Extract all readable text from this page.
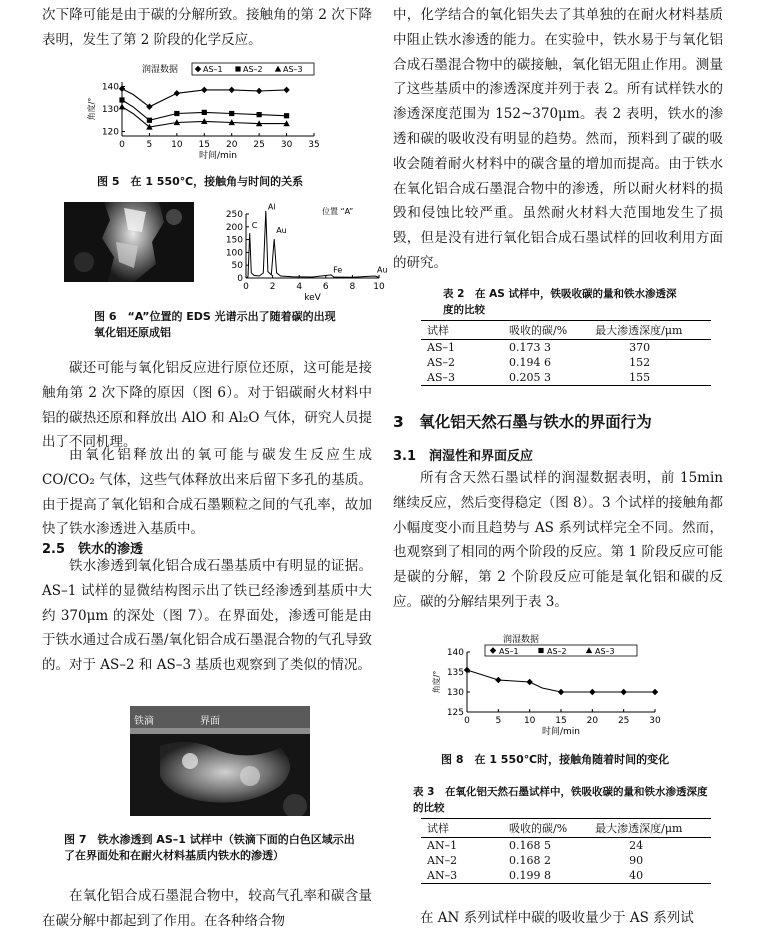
次下降可能是由于碳的分解所致。接触角的第 2 次下降表明，发生了第 2 阶段的化学反应。

0 5 10 15 20 25 30 35
120
130
140
时间/min
角度/°
润湿数据	AS–1	AS–2	AS–3
图 5　在 1 550℃，接触角与时间的关系
0 2 4 6 8 10
0
50
100
150
200
250
keV
Al
C
Au
Fe	Au
位置 “A”
图 6　“A”位置的 EDS 光谱示出了随着碳的出现氧化铝还原成铝

碳还可能与氧化铝反应进行原位还原，这可能是接触角第 2 次下降的原因（图 6）。对于铝碳耐火材料中铝的碳热还原和释放出 AlO 和 Al₂O 气体，研究人员提出了不同机理。

由氧化铝释放出的氧可能与碳发生反应生成 CO/CO₂ 气体，这些气体释放出来后留下多孔的基质。由于提高了氧化铝和合成石墨颗粒之间的气孔率，故加快了铁水渗透进入基质中。

2.5　铁水的渗透

铁水渗透到氧化铝合成石墨基质中有明显的证据。AS–1 试样的显微结构图示出了铁已经渗透到基质中大约 370μm 的深处（图 7）。在界面处，渗透可能是由于铁水通过合成石墨/氧化铝合成石墨混合物的气孔导致的。对于 AS–2 和 AS–3 基质也观察到了类似的情况。

铁滴	界面
图 7　铁水渗透到 AS–1 试样中（铁滴下面的白色区域示出了在界面处和在耐火材料基质内铁水的渗透）

在氧化铝合成石墨混合物中，较高气孔率和碳含量在碳分解中都起到了作用。在各种络合物

中，化学结合的氧化铝失去了其单独的在耐火材料基质中阻止铁水渗透的能力。在实验中，铁水易于与氧化铝合成石墨混合物中的碳接触，氧化铝无阻止作用。测量了这些基质中的渗透深度并列于表 2。所有试样铁水的渗透深度范围为 152~370μm。表 2 表明，铁水的渗透和碳的吸收没有明显的趋势。然而，预料到了碳的吸收会随着耐火材料中的碳含量的增加而提高。由于铁水在氧化铝合成石墨混合物中的渗透，所以耐火材料的损毁和侵蚀比较严重。虽然耐火材料大范围地发生了损毁，但是没有进行氧化铝合成石墨试样的回收利用方面的研究。

表 2　在 AS 试样中，铁吸收碳的量和铁水渗透深度的比较
试样	吸收的碳/%	最大渗透深度/μm
AS–1	0.173 3	370
AS–2	0.194 6	152
AS–3	0.205 3	155
3　氧化铝天然石墨与铁水的界面行为
3.1　润湿性和界面反应

所有含天然石墨试样的润湿数据表明，前 15min 继续反应，然后变得稳定（图 8）。3 个试样的接触角都小幅度变小而且趋势与 AS 系列试样完全不同。然而，也观察到了相同的两个阶段的反应。第 1 阶段反应可能是碳的分解，第 2 个阶段反应可能是氧化铝和碳的反应。碳的分解结果列于表 3。

0	5	10 15 20 25 30
125
130
135
140
时间/min
角度/°
润湿数据
AS–1	AS–2	AS–3
图 8　在 1 550℃时，接触角随着时间的变化
表 3　在氧化铝天然石墨试样中，铁吸收碳的量和铁水渗透深度的比较
试样	吸收的碳/%	最大渗透深度/μm
AN–1	0.168 5	24
AN–2	0.168 2	90
AN–3	0.199 8	40

在 AN 系列试样中碳的吸收量少于 AS 系列试
